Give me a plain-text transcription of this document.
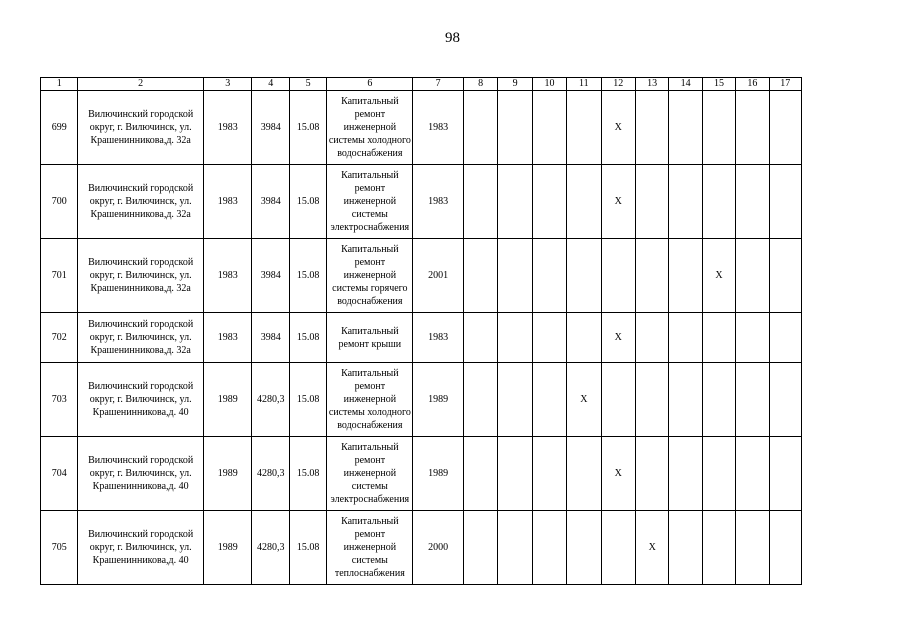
98
1	2	3	4	5	6	7	8	9	10	11	12	13	14	15	16	17
699	Вилючинский городской округ, г. Вилючинск, ул. Крашенинникова,д. 32а	1983	3984	15.08	Капитальный ремонт инженерной системы холодного водоснабжения	1983					Х					
700	Вилючинский городской округ, г. Вилючинск, ул. Крашенинникова,д. 32а	1983	3984	15.08	Капитальный ремонт инженерной системы электроснабжения	1983					Х					
701	Вилючинский городской округ, г. Вилючинск, ул. Крашенинникова,д. 32а	1983	3984	15.08	Капитальный ремонт инженерной системы горячего водоснабжения	2001								Х		
702	Вилючинский городской округ, г. Вилючинск, ул. Крашенинникова,д. 32а	1983	3984	15.08	Капитальный ремонт крыши	1983					Х					
703	Вилючинский городской округ, г. Вилючинск, ул. Крашенинникова,д. 40	1989	4280,3	15.08	Капитальный ремонт инженерной системы холодного водоснабжения	1989				Х						
704	Вилючинский городской округ, г. Вилючинск, ул. Крашенинникова,д. 40	1989	4280,3	15.08	Капитальный ремонт инженерной системы электроснабжения	1989					Х					
705	Вилючинский городской округ, г. Вилючинск, ул. Крашенинникова,д. 40	1989	4280,3	15.08	Капитальный ремонт инженерной системы теплоснабжения	2000						Х				
